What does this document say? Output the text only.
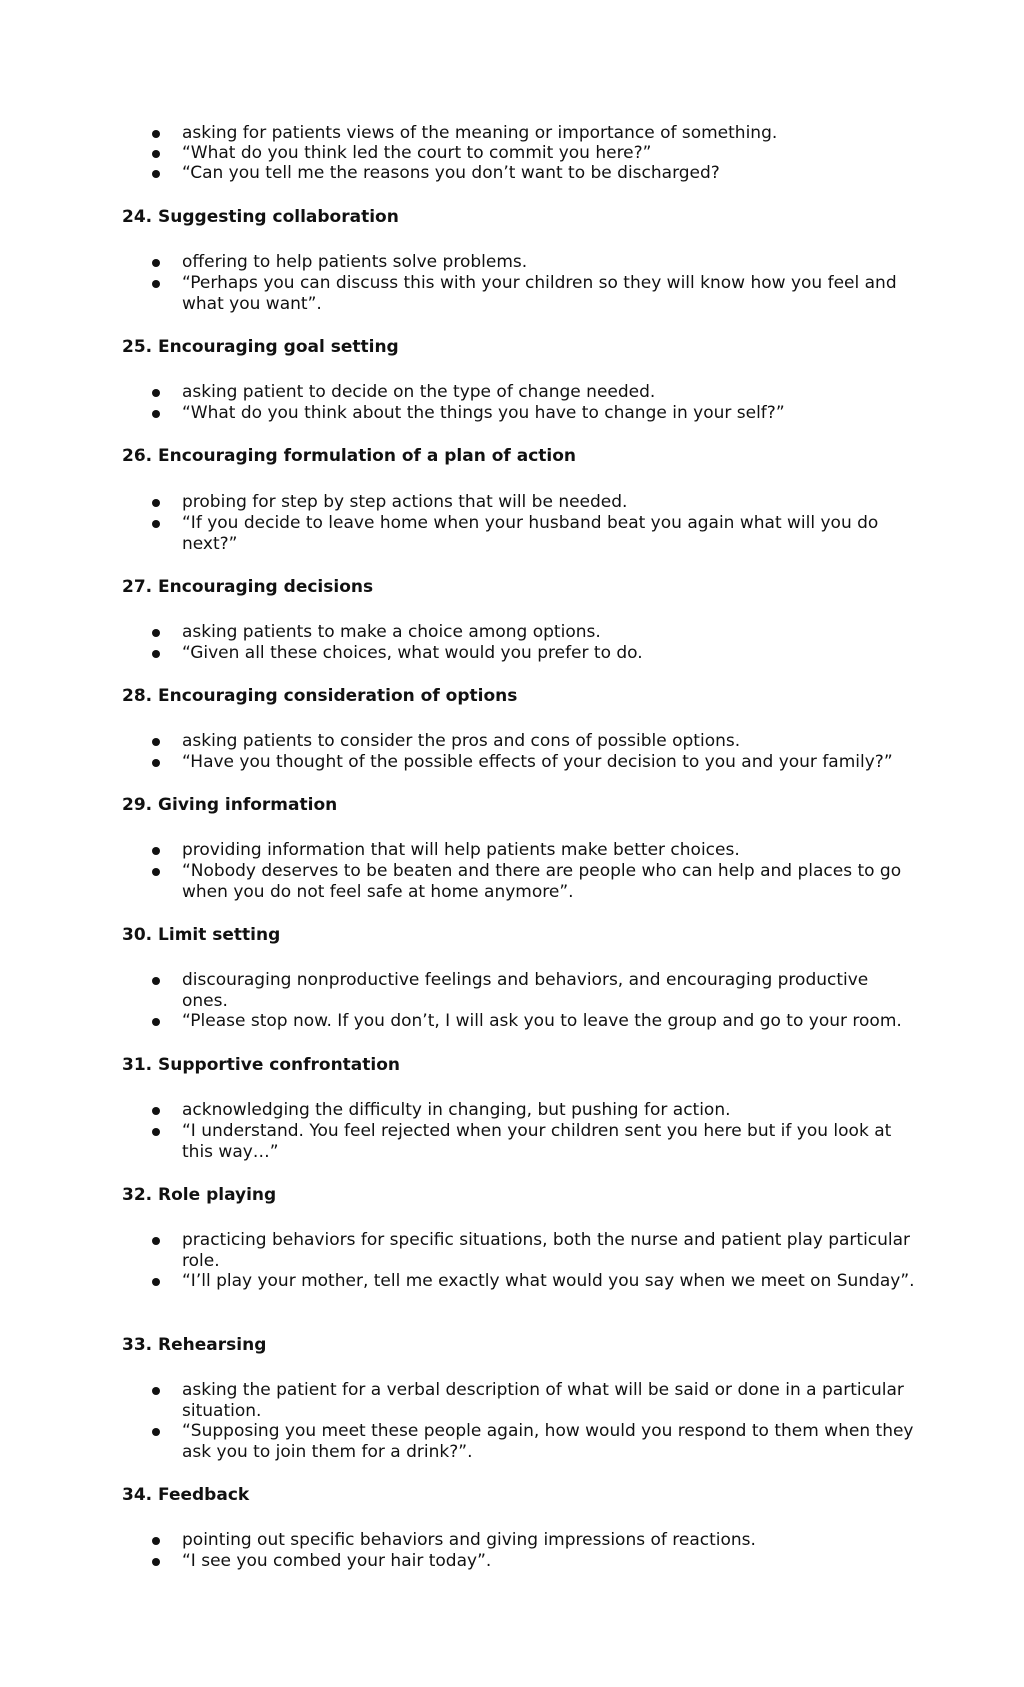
asking for patients views of the meaning or importance of something.
“What do you think led the court to commit you here?”
“Can you tell me the reasons you don’t want to be discharged?
24. Suggesting collaboration
offering to help patients solve problems.
“Perhaps you can discuss this with your children so they will know how you feel and what you want”.
25. Encouraging goal setting
asking patient to decide on the type of change needed.
“What do you think about the things you have to change in your self?”
26. Encouraging formulation of a plan of action
probing for step by step actions that will be needed.
“If you decide to leave home when your husband beat you again what will you do next?”
27. Encouraging decisions
asking patients to make a choice among options.
“Given all these choices, what would you prefer to do.
28. Encouraging consideration of options
asking patients to consider the pros and cons of possible options.
“Have you thought of the possible effects of your decision to you and your family?”
29. Giving information
providing information that will help patients make better choices.
“Nobody deserves to be beaten and there are people who can help and places to go when you do not feel safe at home anymore”.
30. Limit setting
discouraging nonproductive feelings and behaviors, and encouraging productive ones.
“Please stop now. If you don’t, I will ask you to leave the group and go to your room.
31. Supportive confrontation
acknowledging the difficulty in changing, but pushing for action.
“I understand. You feel rejected when your children sent you here but if you look at this way…”
32. Role playing
practicing behaviors for specific situations, both the nurse and patient play particular role.
“I’ll play your mother, tell me exactly what would you say when we meet on Sunday”.
33. Rehearsing
asking the patient for a verbal description of what will be said or done in a particular situation.
“Supposing you meet these people again, how would you respond to them when they ask you to join them for a drink?”.
34. Feedback
pointing out specific behaviors and giving impressions of reactions.
“I see you combed your hair today”.
